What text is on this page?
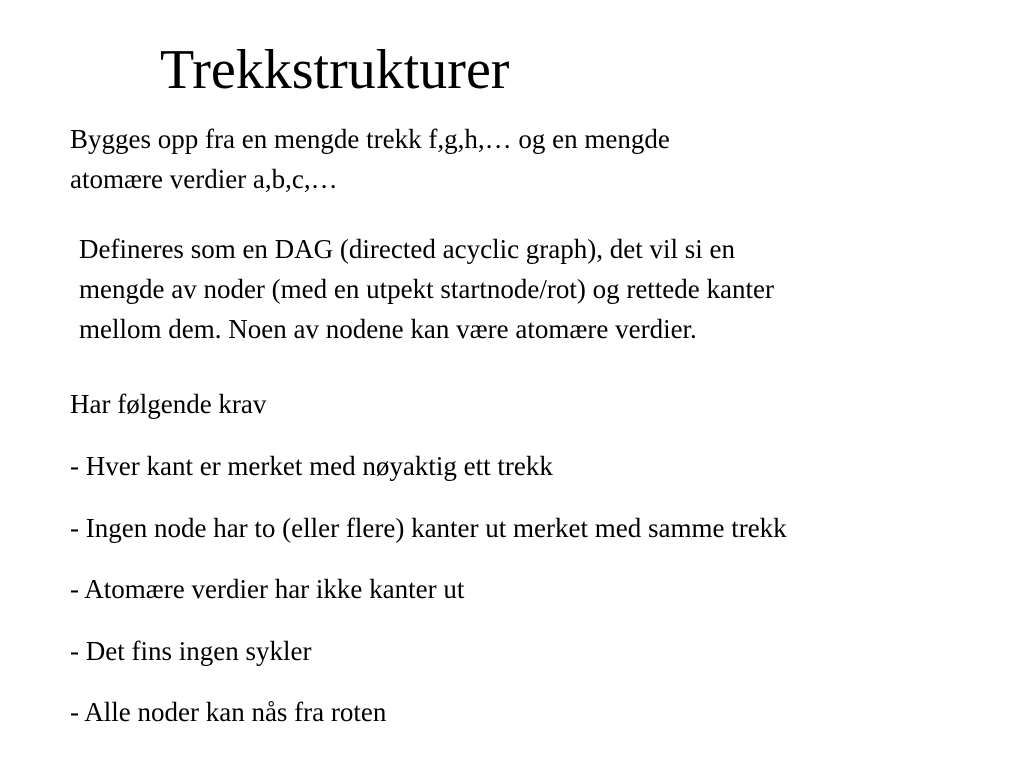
Trekkstrukturer

Bygges opp fra en mengde trekk f,g,h,… og en mengde
atomære verdier a,b,c,…

Defineres som en DAG (directed acyclic graph), det vil si en
mengde av noder (med en utpekt startnode/rot) og rettede kanter
mellom dem. Noen av nodene kan være atomære verdier.

Har følgende krav
- Hver kant er merket med nøyaktig ett trekk
- Ingen node har to (eller flere) kanter ut merket med samme trekk
- Atomære verdier har ikke kanter ut
- Det fins ingen sykler
- Alle noder kan nås fra roten
